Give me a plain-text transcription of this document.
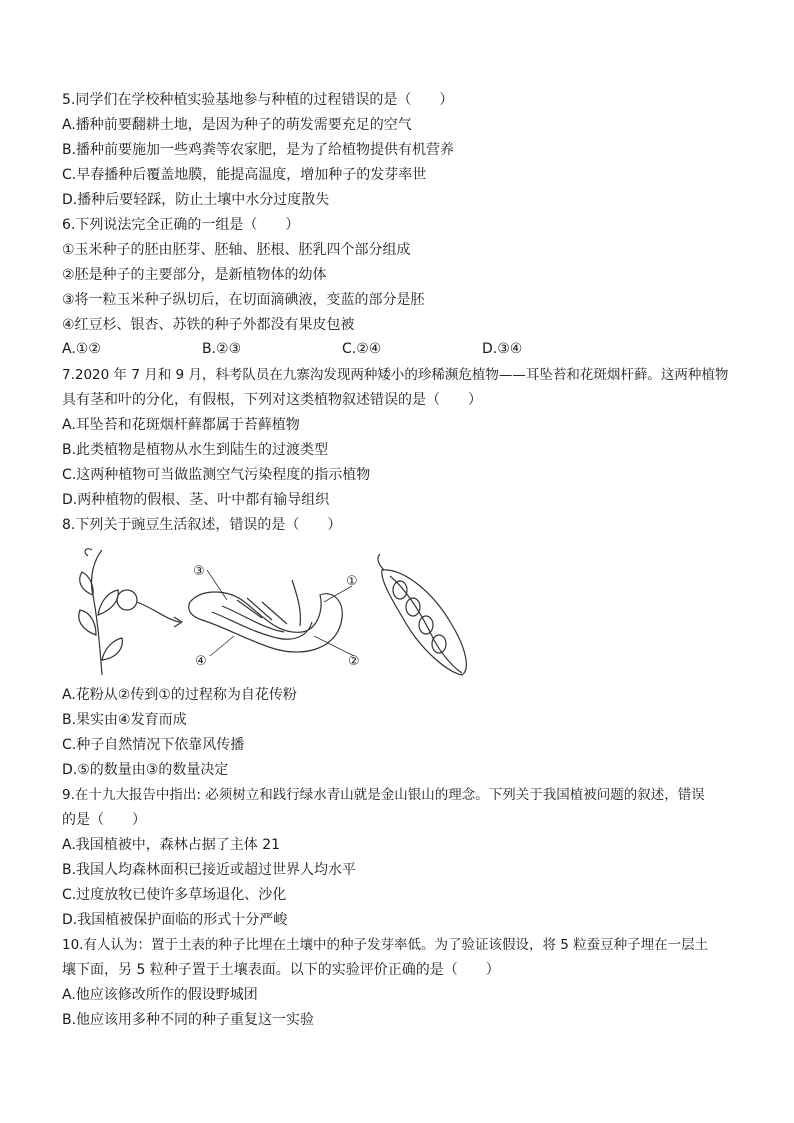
5.同学们在学校种植实验基地参与种植的过程错误的是（　　）
A.播种前要翻耕土地，是因为种子的萌发需要充足的空气
B.播种前要施加一些鸡粪等农家肥，是为了给植物提供有机营养
C.早春播种后覆盖地膜，能提高温度，增加种子的发芽率世
D.播种后要轻踩，防止土壤中水分过度散失
6.下列说法完全正确的一组是（　　）
①玉米种子的胚由胚芽、胚轴、胚根、胚乳四个部分组成
②胚是种子的主要部分，是新植物体的幼体
③将一粒玉米种子纵切后，在切面滴碘液，变蓝的部分是胚
④红豆杉、银杏、苏铁的种子外都没有果皮包被
A.①②	B.②③	C.②④	D.③④
7.2020 年 7 月和 9 月，科考队员在九寨沟发现两种矮小的珍稀濒危植物——耳坠苔和花斑烟杆藓。这两种植物
具有茎和叶的分化，有假根，下列对这类植物叙述错误的是（　　）
A.耳坠苔和花斑烟杆藓都属于苔藓植物
B.此类植物是植物从水生到陆生的过渡类型
C.这两种植物可当做监测空气污染程度的指示植物
D.两种植物的假根、茎、叶中都有输导组织
8.下列关于豌豆生活叙述，错误的是（　　）
③
①
④	②
A.花粉从②传到①的过程称为自花传粉
B.果实由④发育而成
C.种子自然情况下依靠风传播
D.⑤的数量由③的数量决定
9.在十九大报告中指出: 必须树立和践行绿水青山就是金山银山的理念。下列关于我国植被问题的叙述，错误
的是（　　）
A.我国植被中，森林占据了主体 21
B.我国人均森林面积已接近或超过世界人均水平
C.过度放牧已使许多草场退化、沙化
D.我国植被保护面临的形式十分严峻
10.有人认为：置于土表的种子比埋在土壤中的种子发芽率低。为了验证该假设，将 5 粒蚕豆种子埋在一层土
壤下面，另 5 粒种子置于土壤表面。以下的实验评价正确的是（　　）
A.他应该修改所作的假设野城团
B.他应该用多种不同的种子重复这一实验
